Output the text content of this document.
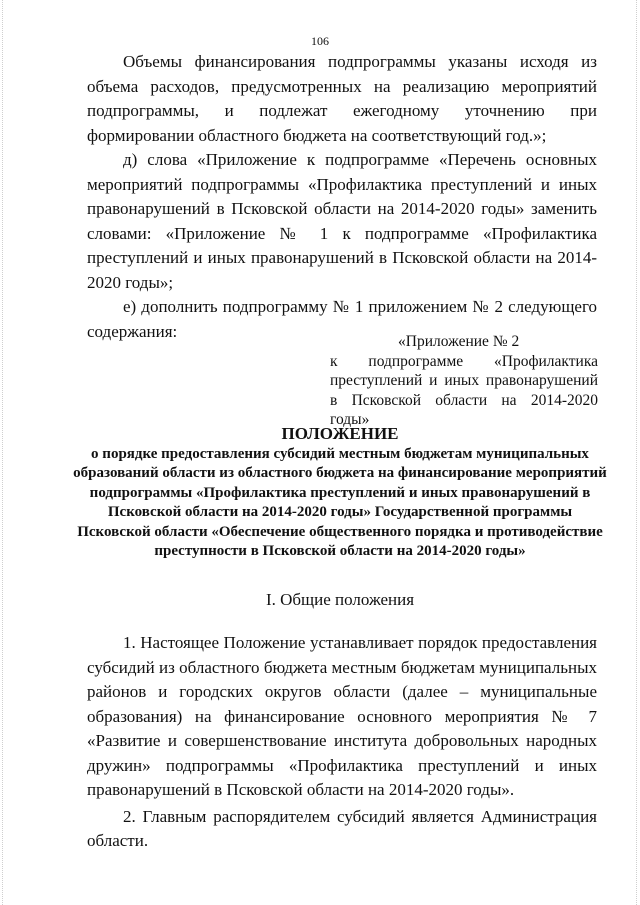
106

Объемы финансирования подпрограммы указаны исходя из объема расходов, предусмотренных на реализацию мероприятий подпрограммы, и подлежат ежегодному уточнению при формировании областного бюджета на соответствующий год.»;

д) слова «Приложение к подпрограмме «Перечень основных мероприятий подпрограммы «Профилактика преступлений и иных правонарушений в Псковской области на 2014-2020 годы» заменить словами: «Приложение № 1 к подпрограмме «Профилактика преступлений и иных правонарушений в Псковской области на 2014-2020 годы»;

е) дополнить подпрограмму № 1 приложением № 2 следующего содержания:

«Приложение № 2
к подпрограмме «Профилактика преступлений и иных правонарушений в Псковской области на 2014-2020 годы»
ПОЛОЖЕНИЕ
о порядке предоставления субсидий местным бюджетам муниципальных образований области из областного бюджета на финансирование мероприятий подпрограммы «Профилактика преступлений и иных правонарушений в Псковской области на 2014-2020 годы» Государственной программы Псковской области «Обеспечение общественного порядка и противодействие преступности в Псковской области на 2014-2020 годы»
I. Общие положения

1. Настоящее Положение устанавливает порядок предоставления субсидий из областного бюджета местным бюджетам муниципальных районов и городских округов области (далее – муниципальные образования) на финансирование основного мероприятия № 7 «Развитие и совершенствование института добровольных народных дружин» подпрограммы «Профилактика преступлений и иных правонарушений в Псковской области на 2014-2020 годы».

2. Главным распорядителем субсидий является Администрация области.
